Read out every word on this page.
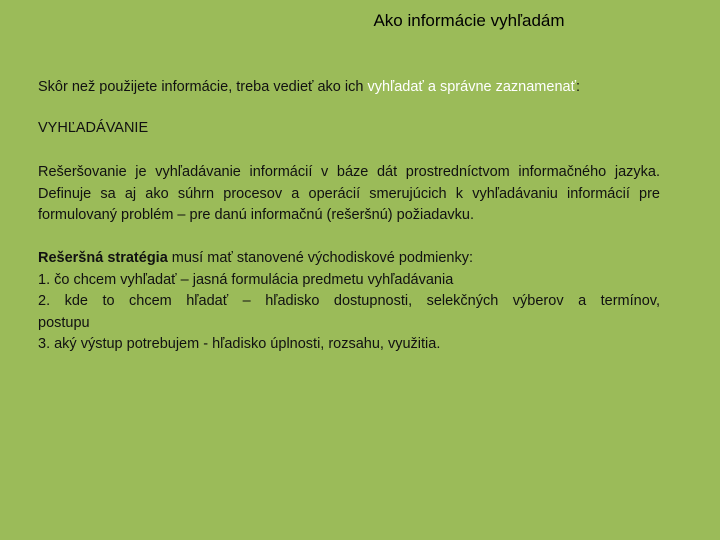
Ako informácie vyhľadám
Skôr než použijete informácie, treba vedieť ako ich vyhľadať a správne zaznamenať:
VYHĽADÁVANIE
Rešeršovanie je vyhľadávanie informácií v báze dát prostredníctvom informačného jazyka. Definuje sa aj ako súhrn procesov a operácií smerujúcich k vyhľadávaniu informácií pre formulovaný problém – pre danú informačnú (rešeršnú) požiadavku.
Rešeršná stratégia musí mať stanovené východiskové podmienky:
1. čo chcem vyhľadať – jasná formulácia predmetu vyhľadávania
2. kde to chcem hľadať – hľadisko dostupnosti, selekčných výberov a termínov,
postupu
3. aký výstup potrebujem - hľadisko úplnosti, rozsahu, využitia.
